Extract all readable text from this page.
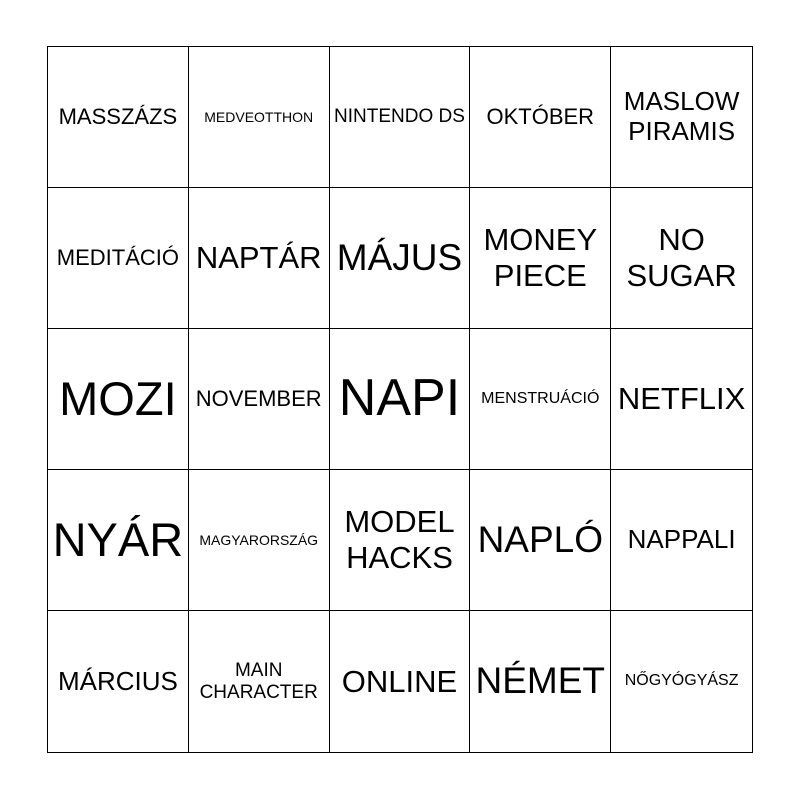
MASSZÁZS MEDVEOTTHON NINTENDO DS OKTÓBER
MASLOW PIRAMIS
MEDITÁCIÓ NAPTÁR MÁJUS MONEY PIECE
NO SUGAR
MOZI NOVEMBER NAPI MENSTRUÁCIÓ NETFLIX
NYÁR MAGYARORSZÁG
MODEL HACKS NAPLÓ NAPPALI
MÁRCIUS	MAIN CHARACTER ONLINE NÉMET NŐGYÓGYÁSZ
